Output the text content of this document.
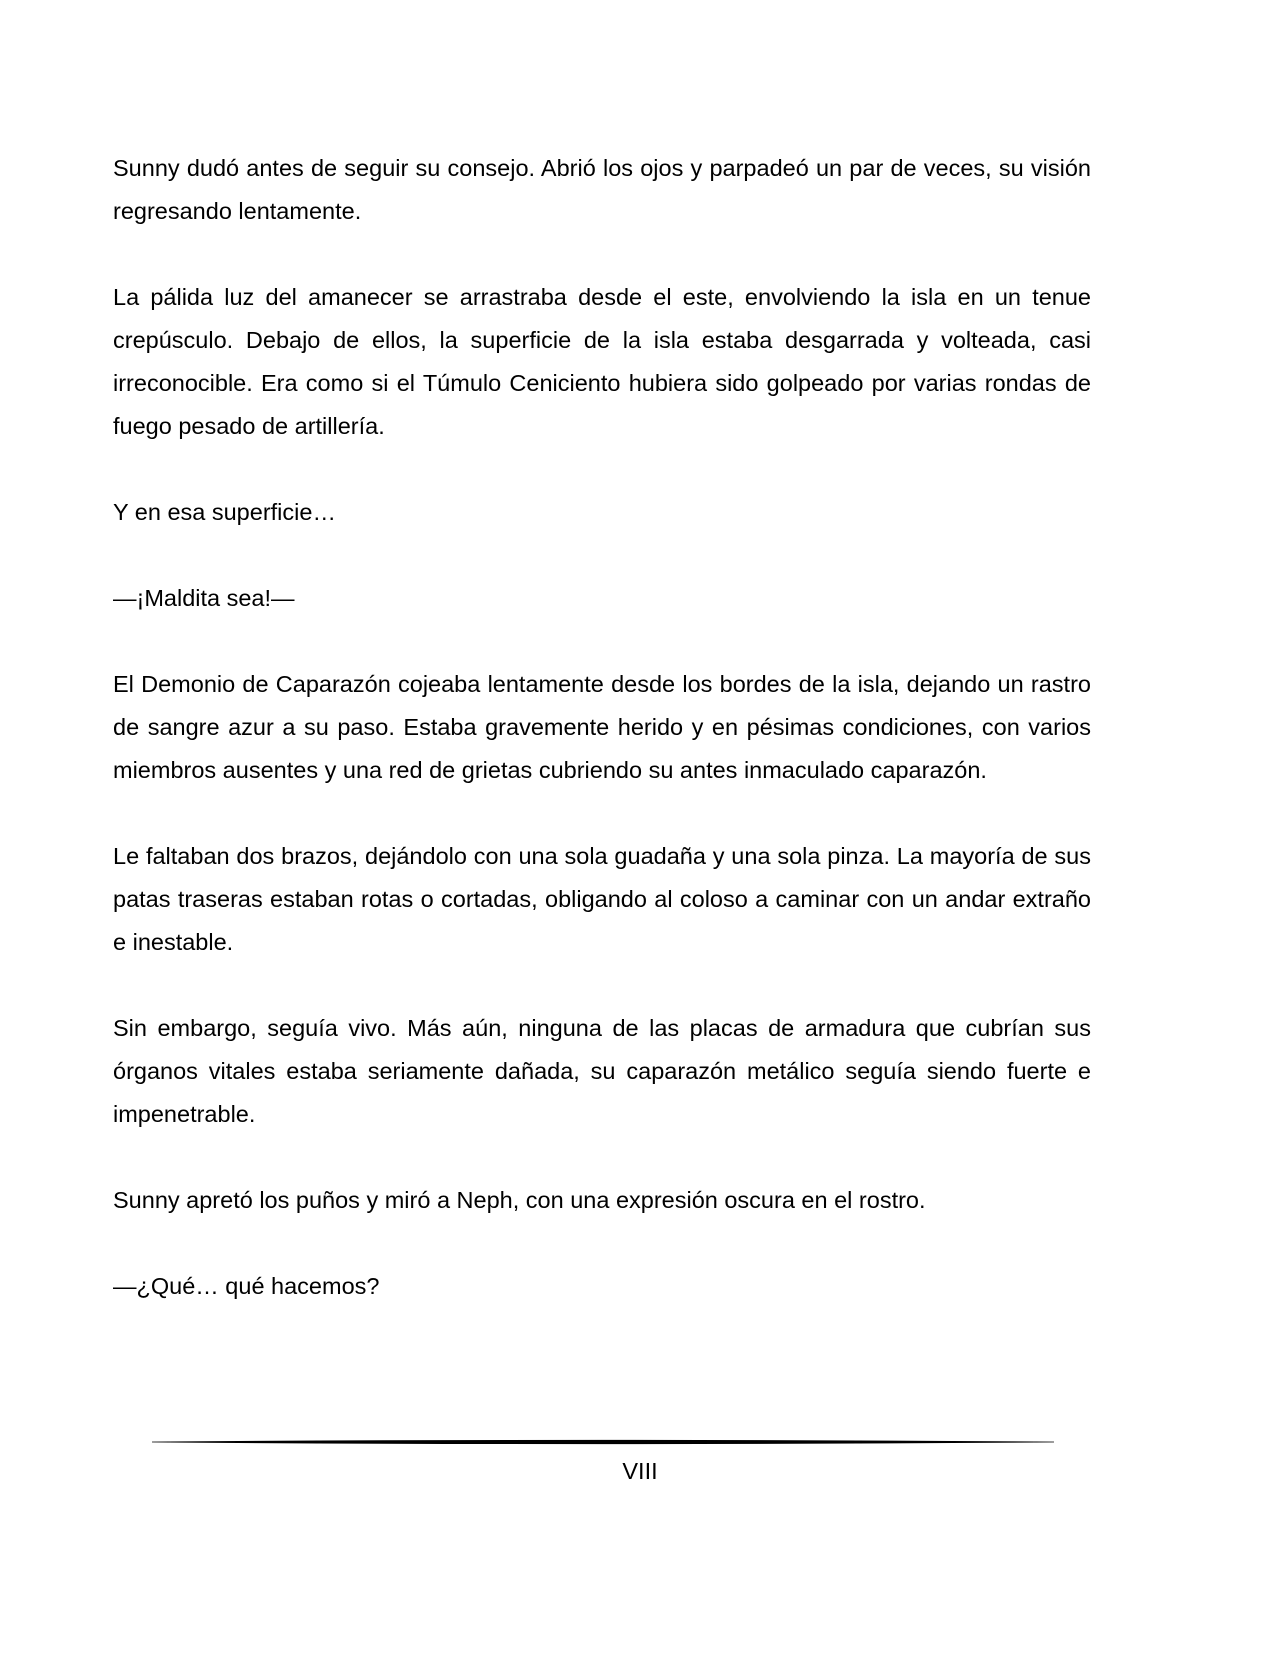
Sunny dudó antes de seguir su consejo. Abrió los ojos y parpadeó un par de veces, su visión regresando lentamente.

La pálida luz del amanecer se arrastraba desde el este, envolviendo la isla en un tenue crepúsculo. Debajo de ellos, la superficie de la isla estaba desgarrada y volteada, casi irreconocible. Era como si el Túmulo Ceniciento hubiera sido golpeado por varias rondas de fuego pesado de artillería.

Y en esa superficie…

—¡Maldita sea!—

El Demonio de Caparazón cojeaba lentamente desde los bordes de la isla, dejando un rastro de sangre azur a su paso. Estaba gravemente herido y en pésimas condiciones, con varios miembros ausentes y una red de grietas cubriendo su antes inmaculado caparazón.

Le faltaban dos brazos, dejándolo con una sola guadaña y una sola pinza. La mayoría de sus patas traseras estaban rotas o cortadas, obligando al coloso a caminar con un andar extraño e inestable.

Sin embargo, seguía vivo. Más aún, ninguna de las placas de armadura que cubrían sus órganos vitales estaba seriamente dañada, su caparazón metálico seguía siendo fuerte e impenetrable.

Sunny apretó los puños y miró a Neph, con una expresión oscura en el rostro.

—¿Qué… qué hacemos?

VIII
